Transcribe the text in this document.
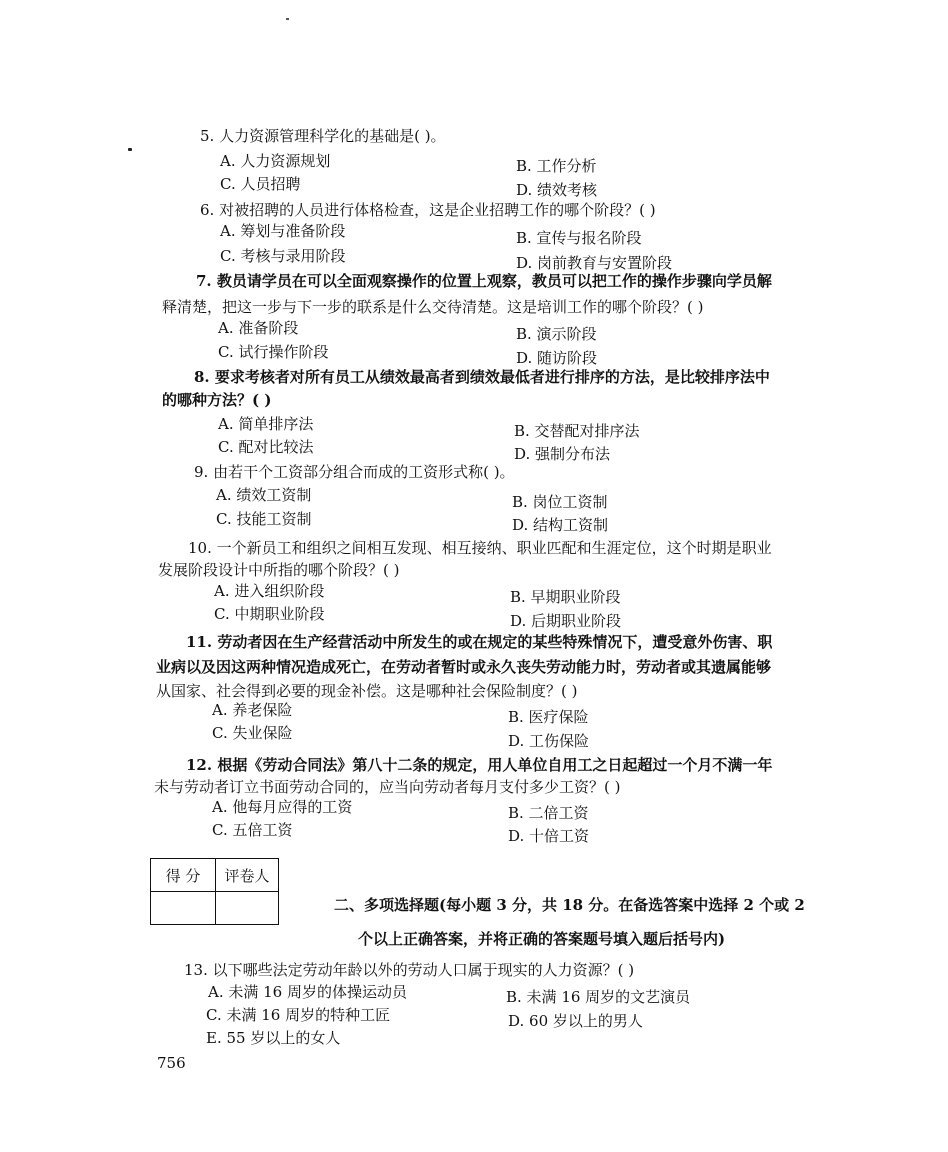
5. 人力资源管理科学化的基础是( )。
A. 人力资源规划	B. 工作分析
C. 人员招聘	D. 绩效考核
6. 对被招聘的人员进行体格检查，这是企业招聘工作的哪个阶段？( )
A. 筹划与准备阶段	B. 宣传与报名阶段
C. 考核与录用阶段	D. 岗前教育与安置阶段
7. 教员请学员在可以全面观察操作的位置上观察，教员可以把工作的操作步骤向学员解
释清楚，把这一步与下一步的联系是什么交待清楚。这是培训工作的哪个阶段？( )
A. 准备阶段	B. 演示阶段
C. 试行操作阶段	D. 随访阶段
8. 要求考核者对所有员工从绩效最高者到绩效最低者进行排序的方法，是比较排序法中
的哪种方法？( )
A. 简单排序法	B. 交替配对排序法
C. 配对比较法	D. 强制分布法
9. 由若干个工资部分组合而成的工资形式称( )。
A. 绩效工资制	B. 岗位工资制
C. 技能工资制	D. 结构工资制
10. 一个新员工和组织之间相互发现、相互接纳、职业匹配和生涯定位，这个时期是职业
发展阶段设计中所指的哪个阶段？( )
A. 进入组织阶段	B. 早期职业阶段
C. 中期职业阶段	D. 后期职业阶段
11. 劳动者因在生产经营活动中所发生的或在规定的某些特殊情况下，遭受意外伤害、职
业病以及因这两种情况造成死亡，在劳动者暂时或永久丧失劳动能力时，劳动者或其遗属能够
从国家、社会得到必要的现金补偿。这是哪种社会保险制度？( )
A. 养老保险	B. 医疗保险
C. 失业保险	D. 工伤保险
12. 根据《劳动合同法》第八十二条的规定，用人单位自用工之日起超过一个月不满一年
未与劳动者订立书面劳动合同的，应当向劳动者每月支付多少工资？( )
A. 他每月应得的工资	B. 二倍工资
C. 五倍工资	D. 十倍工资
得 分	评卷人

二、多项选择题(每小题 3 分，共 18 分。在备选答案中选择 2 个或 2
个以上正确答案，并将正确的答案题号填入题后括号内)
13. 以下哪些法定劳动年龄以外的劳动人口属于现实的人力资源？( )
A. 未满 16 周岁的体操运动员	B. 未满 16 周岁的文艺演员
C. 未满 16 周岁的特种工匠	D. 60 岁以上的男人
E. 55 岁以上的女人
756
